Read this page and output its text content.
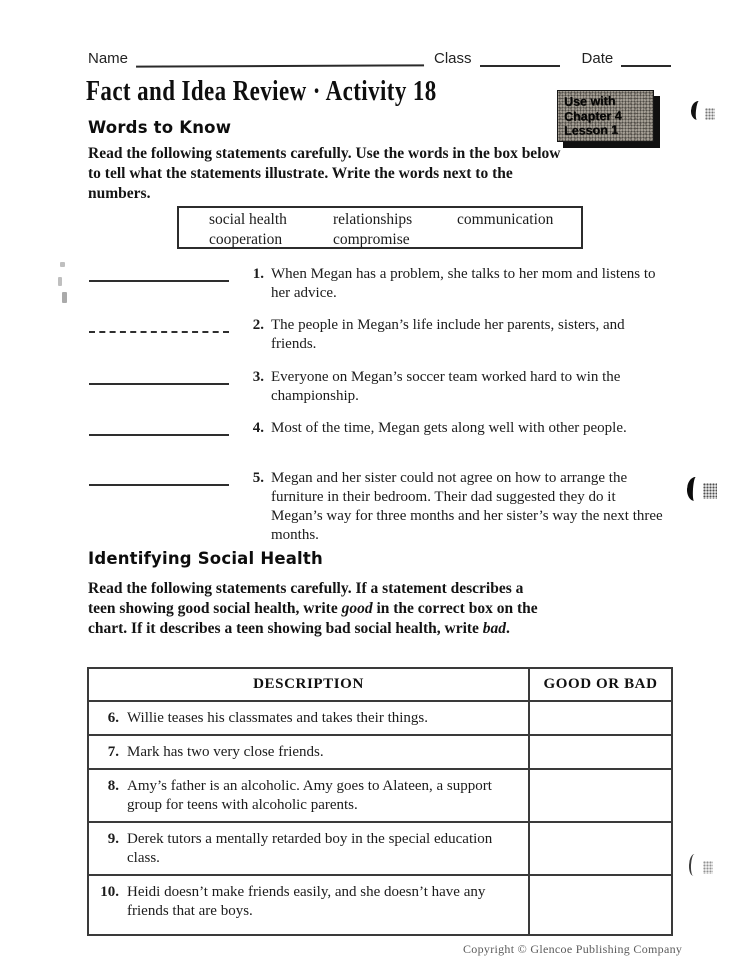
Name	Class	Date
Fact and Idea Review · Activity 18	Use with
Chapter 4
Lesson 1
Words to Know

Read the following statements carefully. Use the words in the box below to tell what the statements illustrate. Write the words next to the numbers.

social health	relationships	communication
cooperation	compromise
1. When Megan has a problem, she talks to her mom and listens to her advice.
2. The people in Megan’s life include her parents, sisters, and friends.
3. Everyone on Megan’s soccer team worked hard to win the championship.
4. Most of the time, Megan gets along well with other people.
5. Megan and her sister could not agree on how to arrange the furniture in their bedroom. Their dad suggested they do it Megan’s way for three months and her sister’s way the next three months.
Identifying Social Health

Read the following statements carefully. If a statement describes a teen showing good social health, write good in the correct box on the chart. If it describes a teen showing bad social health, write bad.

DESCRIPTION	GOOD OR BAD

6. Willie teases his classmates and takes their things.	

7. Mark has two very close friends.	

8. Amy’s father is an alcoholic. Amy goes to Alateen, a support group for teens with alcoholic parents.	

9. Derek tutors a mentally retarded boy in the special education class.	

10. Heidi doesn’t make friends easily, and she doesn’t have any friends that are boys.	

Copyright © Glencoe Publishing Company
